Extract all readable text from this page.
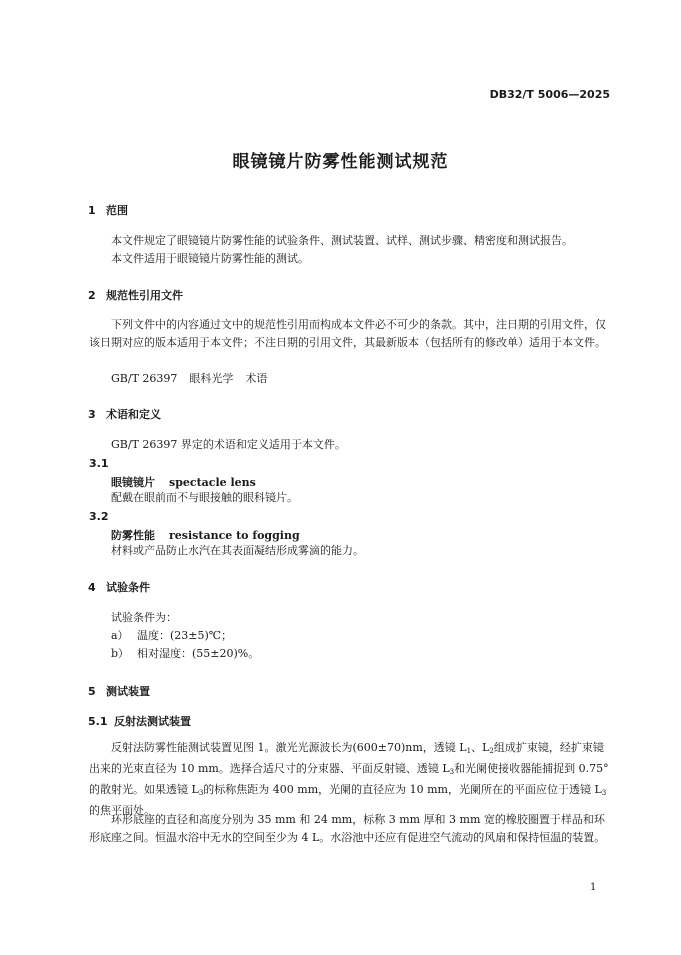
DB32/T 5006—2025
眼镜镜片防雾性能测试规范
1 范围
本文件规定了眼镜镜片防雾性能的试验条件、测试装置、试样、测试步骤、精密度和测试报告。
本文件适用于眼镜镜片防雾性能的测试。
2 规范性引用文件
下列文件中的内容通过文中的规范性引用而构成本文件必不可少的条款。其中，注日期的引用文件，仅该日期对应的版本适用于本文件；不注日期的引用文件，其最新版本（包括所有的修改单）适用于本文件。
GB/T 26397 眼科光学 术语
3 术语和定义
GB/T 26397 界定的术语和定义适用于本文件。
3.1
眼镜镜片 spectacle lens
配戴在眼前而不与眼接触的眼科镜片。
3.2
防雾性能 resistance to fogging
材料或产品防止水汽在其表面凝结形成雾滴的能力。
4 试验条件
试验条件为：
a） 温度：(23±5)℃；
b） 相对湿度：(55±20)%。
5 测试装置
5.1 反射法测试装置
反射法防雾性能测试装置见图 1。激光光源波长为(600±70)nm，透镜 $L_1$、$L_2$组成扩束镜，经扩束镜出来的光束直径为 10 mm。选择合适尺寸的分束器、平面反射镜、透镜 $L_3$和光阑使接收器能捕捉到 0.75°的散射光。如果透镜 $L_3$的标称焦距为 400 mm，光阑的直径应为 10 mm，光阑所在的平面应位于透镜 $L_3$的焦平面处。
环形底座的直径和高度分别为 35 mm 和 24 mm，标称 3 mm 厚和 3 mm 宽的橡胶圈置于样品和环形底座之间。恒温水浴中无水的空间至少为 4 L。水浴池中还应有促进空气流动的风扇和保持恒温的装置。
1
